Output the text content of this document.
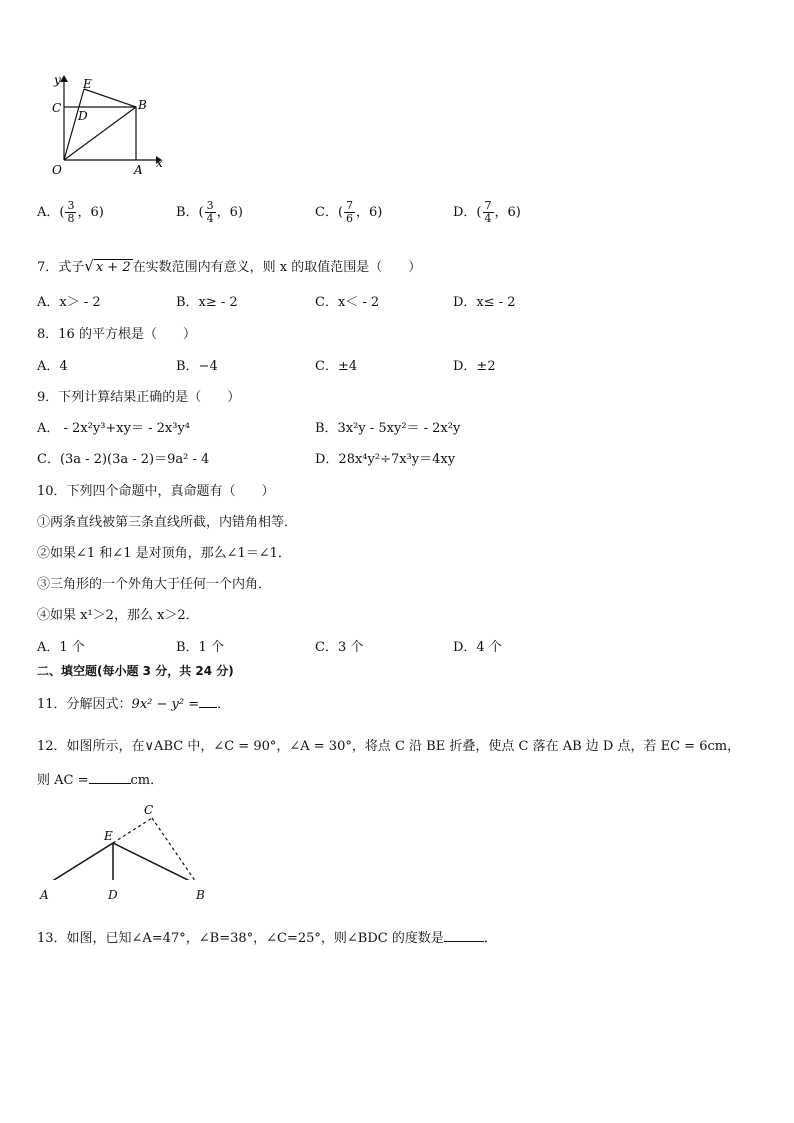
y E
C	B
D
O	A x
A．( $\frac{3}{8}$ ，6)	B．( $\frac{3}{4}$ ，6)	C．( $\frac{7}{6}$ ，6)	D．( $\frac{7}{4}$ ，6)
7．式子√ x + 2 在实数范围内有意义，则 x 的取值范围是（　　）
A．x＞ - 2	B．x≥ - 2	C．x＜ - 2	D．x≤ - 2
8．16 的平方根是（　　）
A．4	B．−4	C．±4	D．±2
9．下列计算结果正确的是（　　）
A． - 2x²y³+xy＝ - 2x³y⁴	B．3x²y - 5xy²＝ - 2x²y
C．(3a - 2)(3a - 2)＝9a² - 4	D．28x⁴y²÷7x³y＝4xy
10．下列四个命题中，真命题有（　　）
①两条直线被第三条直线所截，内错角相等．
②如果∠1 和∠1 是对顶角，那么∠1＝∠1．
③三角形的一个外角大于任何一个内角．
④如果 x¹＞2，那么 x＞2．
A．1 个	B．1 个	C．3 个	D．4 个
二、填空题(每小题 3 分，共 24 分)
11．分解因式：9x² − y² = ．
12．如图所示，在∨ABC 中，∠C = 90°，∠A = 30°，将点 C 沿 BE 折叠，使点 C 落在 AB 边 D 点，若 EC = 6cm，
则 AC =	cm．
C
E
A	D	B
13．如图，已知∠A=47°，∠B=38°，∠C=25°，则∠BDC 的度数是	．
